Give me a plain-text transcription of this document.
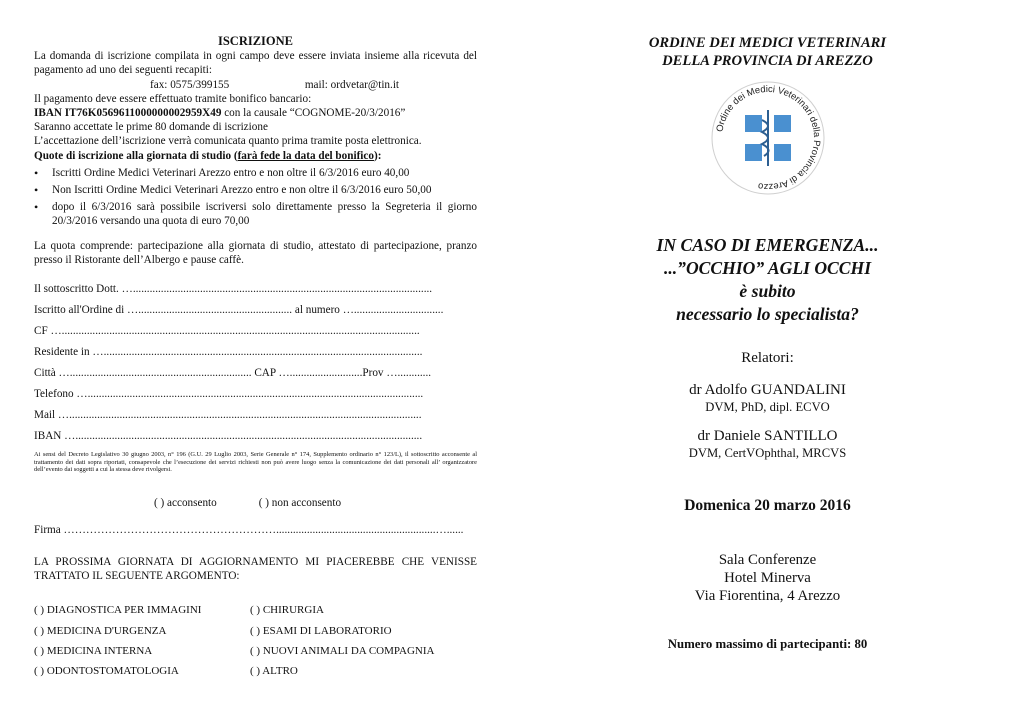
ISCRIZIONE
La domanda di iscrizione compilata in ogni campo deve essere inviata insieme alla ricevuta del pagamento ad uno dei seguenti recapiti:
fax: 0575/399155	mail: ordvetar@tin.it
Il pagamento deve essere effettuato tramite bonifico bancario:
IBAN IT76K0569611000000002959X49 con la causale “COGNOME-20/3/2016”
Saranno accettate le prime 80 domande di iscrizione
L’accettazione dell’iscrizione verrà comunicata quanto prima tramite posta elettronica.
Quote di iscrizione alla giornata di studio (farà fede la data del bonifico):
•	Iscritti Ordine Medici Veterinari Arezzo entro e non oltre il 6/3/2016 euro 40,00
•	Non Iscritti Ordine Medici Veterinari Arezzo entro e non oltre il 6/3/2016 euro 50,00
•	dopo il 6/3/2016 sarà possibile iscriversi solo direttamente presso la Segreteria il giorno 20/3/2016 versando una quota di euro 70,00
La quota comprende: partecipazione alla giornata di studio, attestato di partecipazione, pranzo presso il Ristorante dell’Albergo e pause caffè.
Il sottoscritto Dott. …...........................................................................................................
Iscritto all'Ordine di …....................................................... al numero …................................
CF …................................................................................................................................
Residente in …..................................................................................................................
Città …................................................................. CAP …..........................Prov …............
Telefono …........................................................................................................................
Mail …..............................................................................................................................
IBAN …............................................................................................................................
Ai sensi del Decreto Legislativo 30 giugno 2003, n° 196 (G.U. 29 Luglio 2003, Serie Generale n° 174, Supplemento ordinario n° 123/L), il sottoscritto acconsente al trattamento dei dati sopra riportati, consapevole che l’esecuzione dei servizi richiesti non può avere luogo senza la comunicazione dei dati personali all’ organizzatore dell’evento dai soggetti a cui la stessa deve rivolgersi.
( ) acconsento	( ) non acconsento
Firma ………………………………………………….........................................................…......
LA PROSSIMA GIORNATA DI AGGIORNAMENTO MI PIACEREBBE CHE VENISSE TRATTATO IL SEGUENTE ARGOMENTO:
( ) DIAGNOSTICA PER IMMAGINI	( ) CHIRURGIA
( ) MEDICINA D'URGENZA	( ) ESAMI DI LABORATORIO
( ) MEDICINA INTERNA	( ) NUOVI ANIMALI DA COMPAGNIA
( ) ODONTOSTOMATOLOGIA	( ) ALTRO
ORDINE DEI MEDICI VETERINARI
DELLA PROVINCIA DI AREZZO
Ordine dei Medici Veterinari della Provincia di Arezzo
IN CASO DI EMERGENZA...
...”OCCHIO” AGLI OCCHI
è subito
necessario lo specialista?
Relatori:
dr Adolfo GUANDALINI
DVM, PhD, dipl. ECVO
dr Daniele SANTILLO
DVM, CertVOphthal, MRCVS
Domenica 20 marzo 2016
Sala Conferenze
Hotel Minerva
Via Fiorentina, 4 Arezzo
Numero massimo di partecipanti: 80
